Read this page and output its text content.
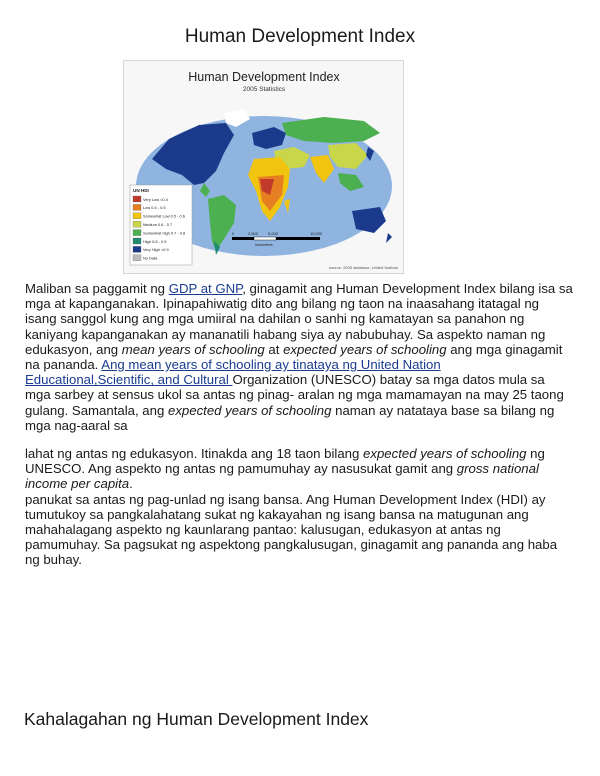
Human Development Index
Human Development Index
2005 Statistics
UN HDI
Very Low <0.4
Low 0.4 - 0.5
Somewhat Low 0.5 - 0.6
Medium 0.6 - 0.7
Somewhat high 0.7 - 0.8
High 0.8 - 0.9
Very High >0.9
No Data
0	2,500 5,000	10,000
kilometers
source: 2005 database, United Nations

Maliban sa paggamit ng GDP at GNP, ginagamit ang Human Development Index bilang isa sa mga at kapanganakan. Ipinapahiwatig dito ang bilang ng taon na inaasahang itatagal ng isang sanggol kung ang mga umiiral na dahilan o sanhi ng kamatayan sa panahon ng kaniyang kapanganakan ay mananatili habang siya ay nabubuhay. Sa aspekto naman ng edukasyon, ang mean years of schooling at expected years of schooling ang mga ginagamit na pananda. Ang mean years of schooling ay tinataya ng United Nation Educational,Scientific, and Cultural Organization (UNESCO) batay sa mga datos mula sa mga sarbey at sensus ukol sa antas ng pinag- aralan ng mga mamamayan na may 25 taong gulang. Samantala, ang expected years of schooling naman ay natataya base sa bilang ng mga nag-aaral sa

lahat ng antas ng edukasyon. Itinakda ang 18 taon bilang expected years of schooling ng UNESCO. Ang aspekto ng antas ng pamumuhay ay nasusukat gamit ang gross national income per capita.
panukat sa antas ng pag-unlad ng isang bansa. Ang Human Development Index (HDI) ay tumutukoy sa pangkalahatang sukat ng kakayahan ng isang bansa na matugunan ang mahahalagang aspekto ng kaunlarang pantao: kalusugan, edukasyon at antas ng pamumuhay. Sa pagsukat ng aspektong pangkalusugan, ginagamit ang pananda ang haba ng buhay.

Kahalagahan ng Human Development Index
